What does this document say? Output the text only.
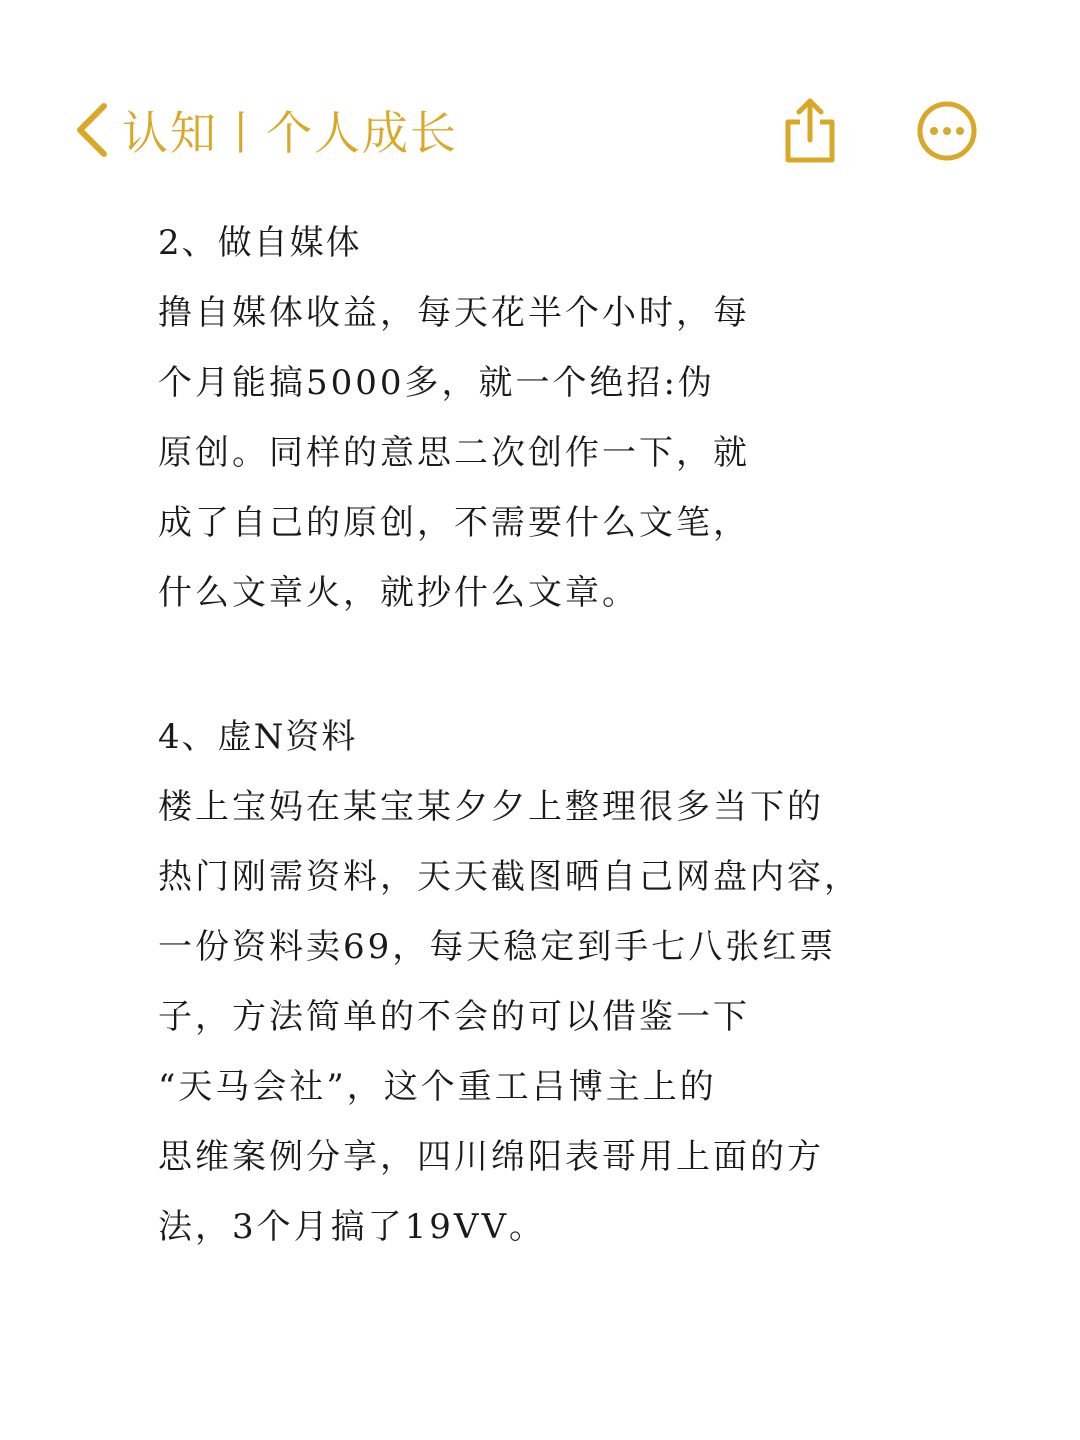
认知丨个人成长
2、做自媒体
撸自媒体收益，每天花半个小时，每
个月能搞5000多，就一个绝招:伪
原创。同样的意思二次创作一下，就
成了自己的原创，不需要什么文笔，
什么文章火，就抄什么文章。
4、虚N资料
楼上宝妈在某宝某夕夕上整理很多当下的
热门刚需资料，天天截图晒自己网盘内容，
一份资料卖69，每天稳定到手七八张红票
子，方法简单的不会的可以借鉴一下
“天马会社”，这个重工吕博主上的
思维案例分享，四川绵阳表哥用上面的方
法，3个月搞了19VV。
